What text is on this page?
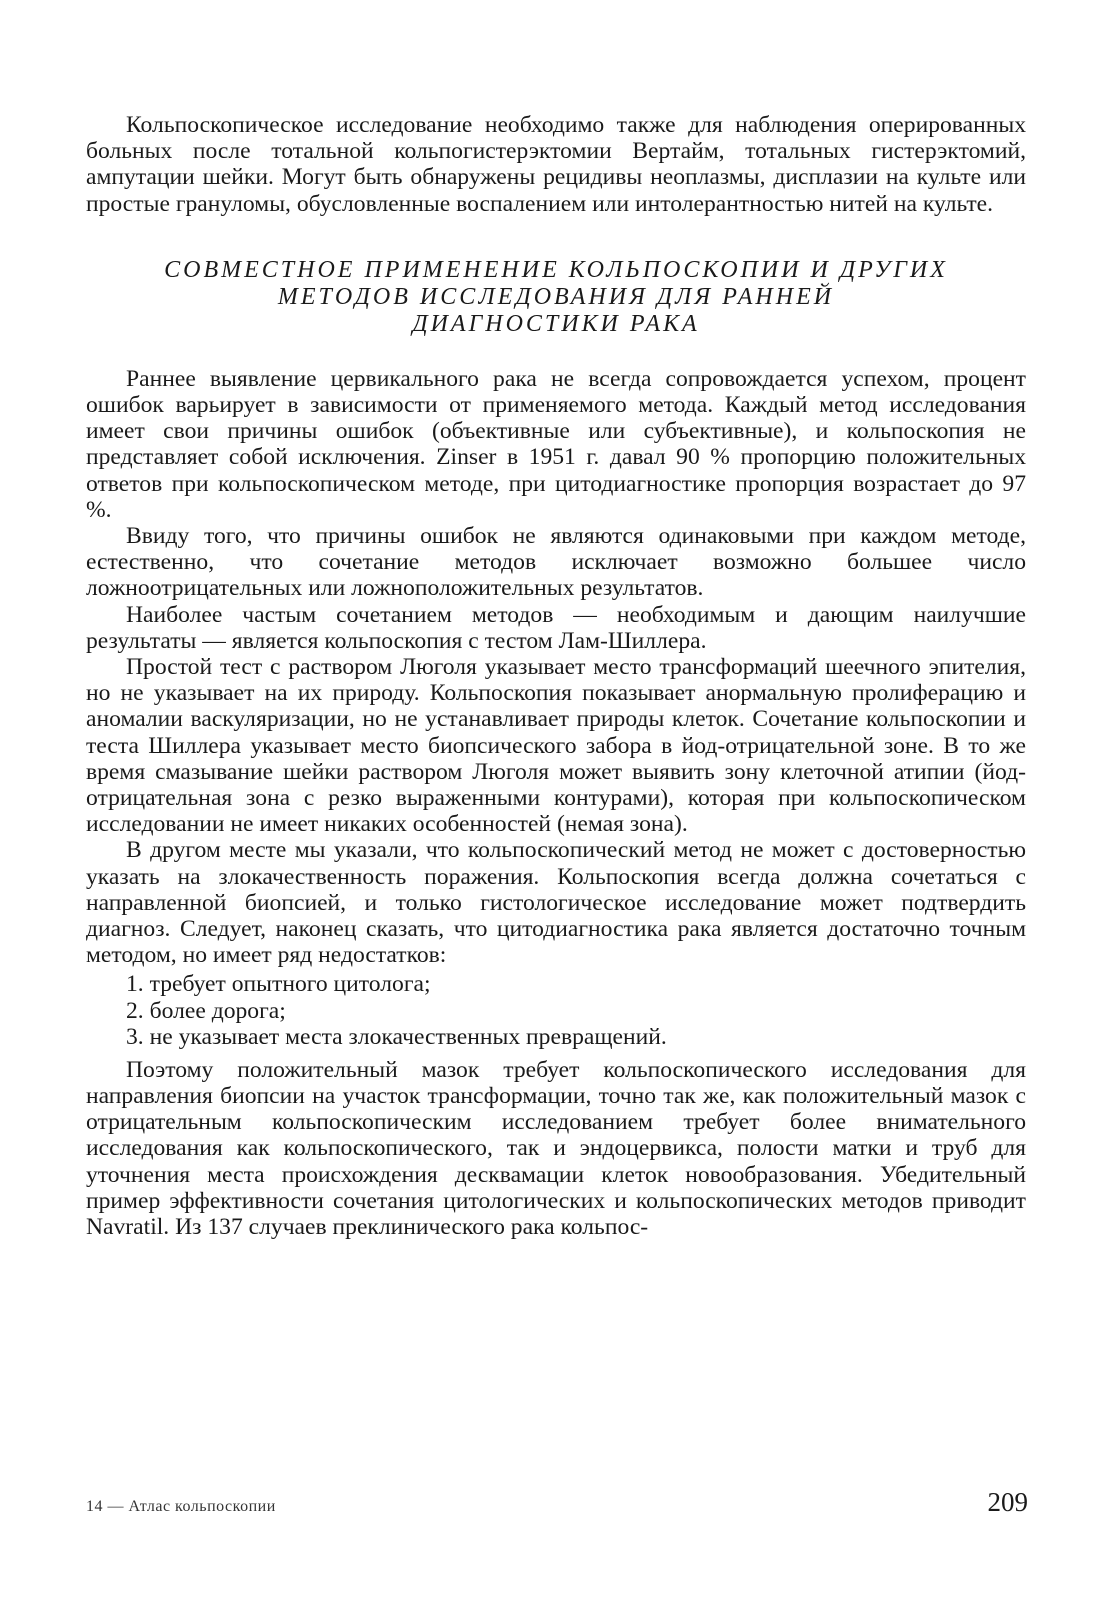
Кольпоскопическое исследование необходимо также для наблюдения оперированных больных после тотальной кольпогистерэктомии Вертайм, тотальных гистерэктомий, ампутации шейки. Могут быть обнаружены рецидивы неоплазмы, дисплазии на культе или простые грануломы, обусловленные воспалением или интолерантностью нитей на культе.

СОВМЕСТНОЕ ПРИМЕНЕНИЕ КОЛЬПОСКОПИИ И ДРУГИХ
МЕТОДОВ ИССЛЕДОВАНИЯ ДЛЯ РАННЕЙ
ДИАГНОСТИКИ РАКА

Раннее выявление цервикального рака не всегда сопровождается успехом, процент ошибок варьирует в зависимости от применяемого метода. Каждый метод исследования имеет свои причины ошибок (объективные или субъективные), и кольпоскопия не представляет собой исключения. Zinser в 1951 г. давал 90 % пропорцию положительных ответов при кольпоскопическом методе, при цитодиагностике пропорция возрастает до 97 %.

Ввиду того, что причины ошибок не являются одинаковыми при каждом методе, естественно, что сочетание методов исключает возможно большее число ложноотрицательных или ложноположительных результатов.

Наиболее частым сочетанием методов — необходимым и дающим наилучшие результаты — является кольпоскопия с тестом Лам-Шиллера.

Простой тест с раствором Люголя указывает место трансформаций шеечного эпителия, но не указывает на их природу. Кольпоскопия показывает анормальную пролиферацию и аномалии васкуляризации, но не устанавливает природы клеток. Сочетание кольпоскопии и теста Шиллера указывает место биопсического забора в йод-отрицательной зоне. В то же время смазывание шейки раствором Люголя может выявить зону клеточной атипии (йод-отрицательная зона с резко выраженными контурами), которая при кольпоскопическом исследовании не имеет никаких особенностей (немая зона).

В другом месте мы указали, что кольпоскопический метод не может с достоверностью указать на злокачественность поражения. Кольпоскопия всегда должна сочетаться с направленной биопсией, и только гистологическое исследование может подтвердить диагноз. Следует, наконец сказать, что цитодиагностика рака является достаточно точным методом, но имеет ряд недостатков:

1. требует опытного цитолога;
2. более дорога;
3. не указывает места злокачественных превращений.

Поэтому положительный мазок требует кольпоскопического исследования для направления биопсии на участок трансформации, точно так же, как положительный мазок с отрицательным кольпоскопическим исследованием требует более внимательного исследования как кольпоскопического, так и эндоцервикса, полости матки и труб для уточнения места происхождения десквамации клеток новообразования. Убедительный пример эффективности сочетания цитологических и кольпоскопических методов приводит Navratil. Из 137 случаев преклинического рака кольпос-

14 — Атлас кольпоскопии	209
